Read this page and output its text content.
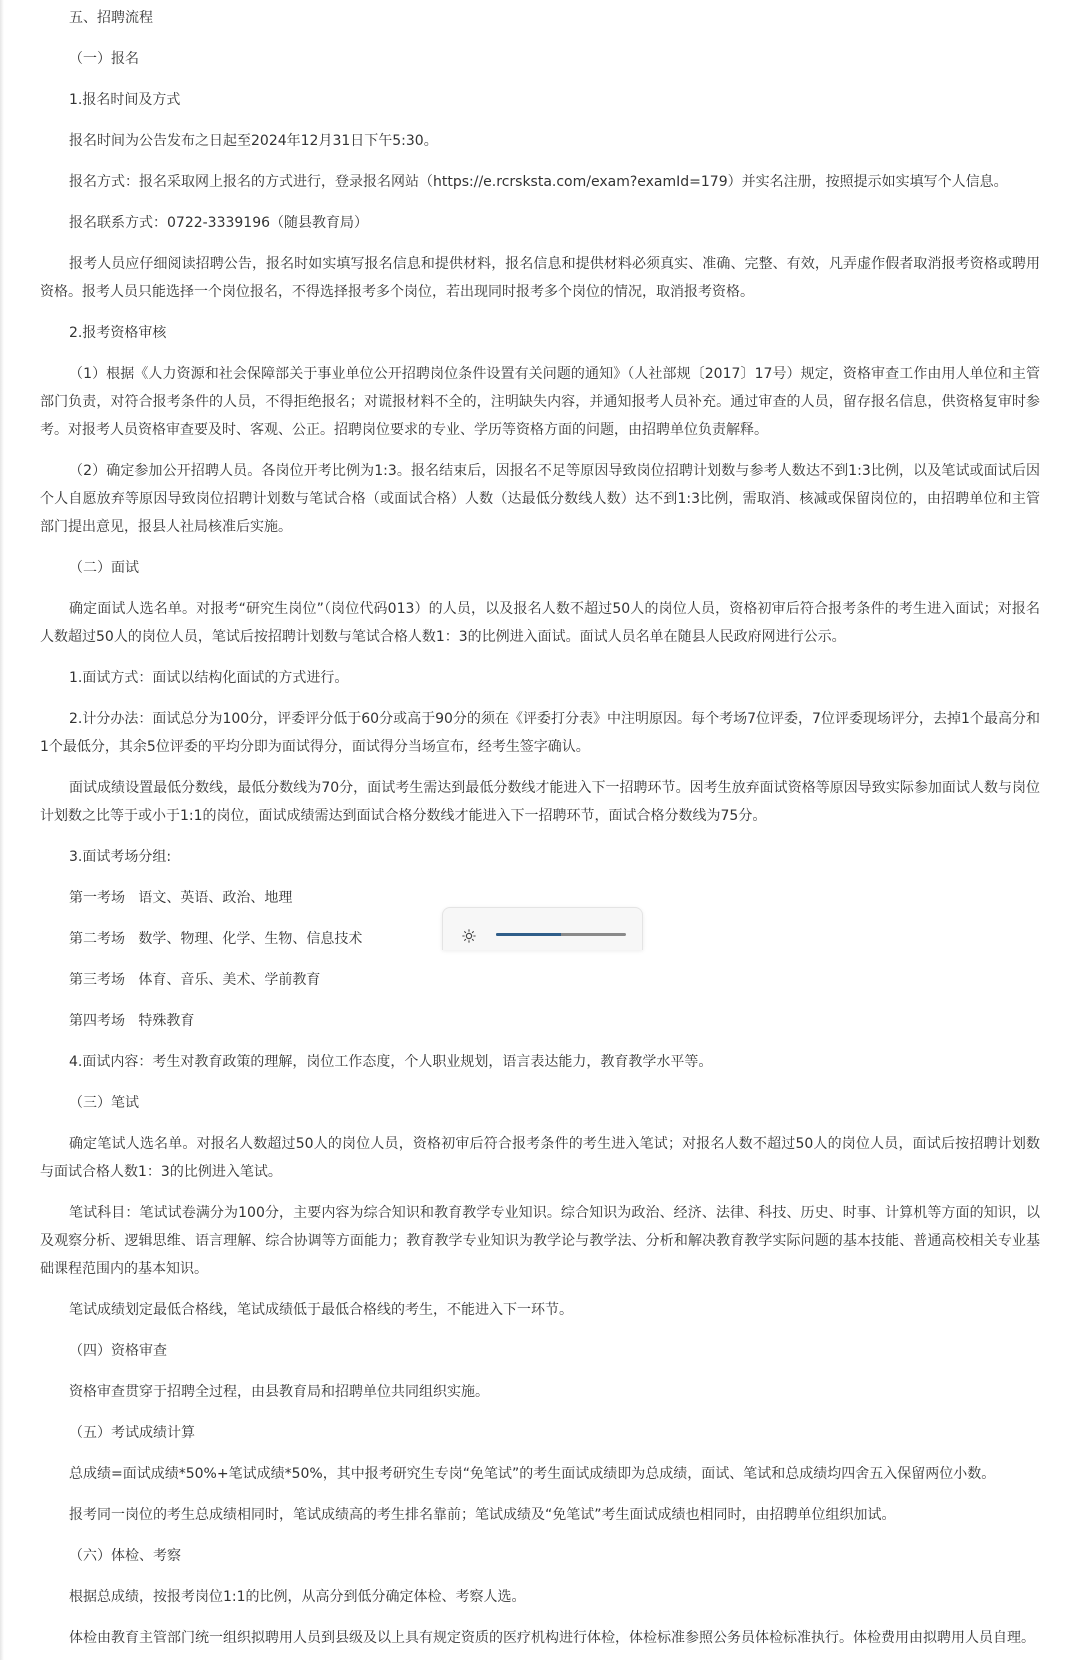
五、招聘流程

（一）报名

1.报名时间及方式

报名时间为公告发布之日起至2024年12月31日下午5:30。

报名方式：报名采取网上报名的方式进行，登录报名网站（https://e.rcrsksta.com/exam?examId=179）并实名注册，按照提示如实填写个人信息。

报名联系方式：0722-3339196（随县教育局）

报考人员应仔细阅读招聘公告，报名时如实填写报名信息和提供材料，报名信息和提供材料必须真实、准确、完整、有效，凡弄虚作假者取消报考资格或聘用资格。报考人员只能选择一个岗位报名，不得选择报考多个岗位，若出现同时报考多个岗位的情况，取消报考资格。

2.报考资格审核

（1）根据《人力资源和社会保障部关于事业单位公开招聘岗位条件设置有关问题的通知》（人社部规〔2017〕17号）规定，资格审查工作由用人单位和主管部门负责，对符合报考条件的人员，不得拒绝报名；对谎报材料不全的，注明缺失内容，并通知报考人员补充。通过审查的人员，留存报名信息，供资格复审时参考。对报考人员资格审查要及时、客观、公正。招聘岗位要求的专业、学历等资格方面的问题，由招聘单位负责解释。

（2）确定参加公开招聘人员。各岗位开考比例为1:3。报名结束后，因报名不足等原因导致岗位招聘计划数与参考人数达不到1:3比例，以及笔试或面试后因个人自愿放弃等原因导致岗位招聘计划数与笔试合格（或面试合格）人数（达最低分数线人数）达不到1:3比例，需取消、核减或保留岗位的，由招聘单位和主管部门提出意见，报县人社局核准后实施。

（二）面试

确定面试人选名单。对报考“研究生岗位”（岗位代码013）的人员，以及报名人数不超过50人的岗位人员，资格初审后符合报考条件的考生进入面试；对报名人数超过50人的岗位人员，笔试后按招聘计划数与笔试合格人数1：3的比例进入面试。面试人员名单在随县人民政府网进行公示。

1.面试方式：面试以结构化面试的方式进行。

2.计分办法：面试总分为100分，评委评分低于60分或高于90分的须在《评委打分表》中注明原因。每个考场7位评委，7位评委现场评分，去掉1个最高分和1个最低分，其余5位评委的平均分即为面试得分，面试得分当场宣布，经考生签字确认。

面试成绩设置最低分数线，最低分数线为70分，面试考生需达到最低分数线才能进入下一招聘环节。因考生放弃面试资格等原因导致实际参加面试人数与岗位计划数之比等于或小于1:1的岗位，面试成绩需达到面试合格分数线才能进入下一招聘环节，面试合格分数线为75分。

3.面试考场分组:

第一考场   语文、英语、政治、地理

第二考场   数学、物理、化学、生物、信息技术

第三考场   体育、音乐、美术、学前教育

第四考场   特殊教育

4.面试内容：考生对教育政策的理解，岗位工作态度，个人职业规划，语言表达能力，教育教学水平等。

（三）笔试

确定笔试人选名单。对报名人数超过50人的岗位人员，资格初审后符合报考条件的考生进入笔试；对报名人数不超过50人的岗位人员，面试后按招聘计划数与面试合格人数1：3的比例进入笔试。

笔试科目：笔试试卷满分为100分，主要内容为综合知识和教育教学专业知识。综合知识为政治、经济、法律、科技、历史、时事、计算机等方面的知识，以及观察分析、逻辑思维、语言理解、综合协调等方面能力；教育教学专业知识为教学论与教学法、分析和解决教育教学实际问题的基本技能、普通高校相关专业基础课程范围内的基本知识。

笔试成绩划定最低合格线，笔试成绩低于最低合格线的考生，不能进入下一环节。

（四）资格审查

资格审查贯穿于招聘全过程，由县教育局和招聘单位共同组织实施。

（五）考试成绩计算

总成绩=面试成绩*50%+笔试成绩*50%，其中报考研究生专岗“免笔试”的考生面试成绩即为总成绩，面试、笔试和总成绩均四舍五入保留两位小数。

报考同一岗位的考生总成绩相同时，笔试成绩高的考生排名靠前；笔试成绩及“免笔试”考生面试成绩也相同时，由招聘单位组织加试。

（六）体检、考察

根据总成绩，按报考岗位1:1的比例，从高分到低分确定体检、考察人选。

体检由教育主管部门统一组织拟聘用人员到县级及以上具有规定资质的医疗机构进行体检，体检标准参照公务员体检标准执行。体检费用由拟聘用人员自理。
